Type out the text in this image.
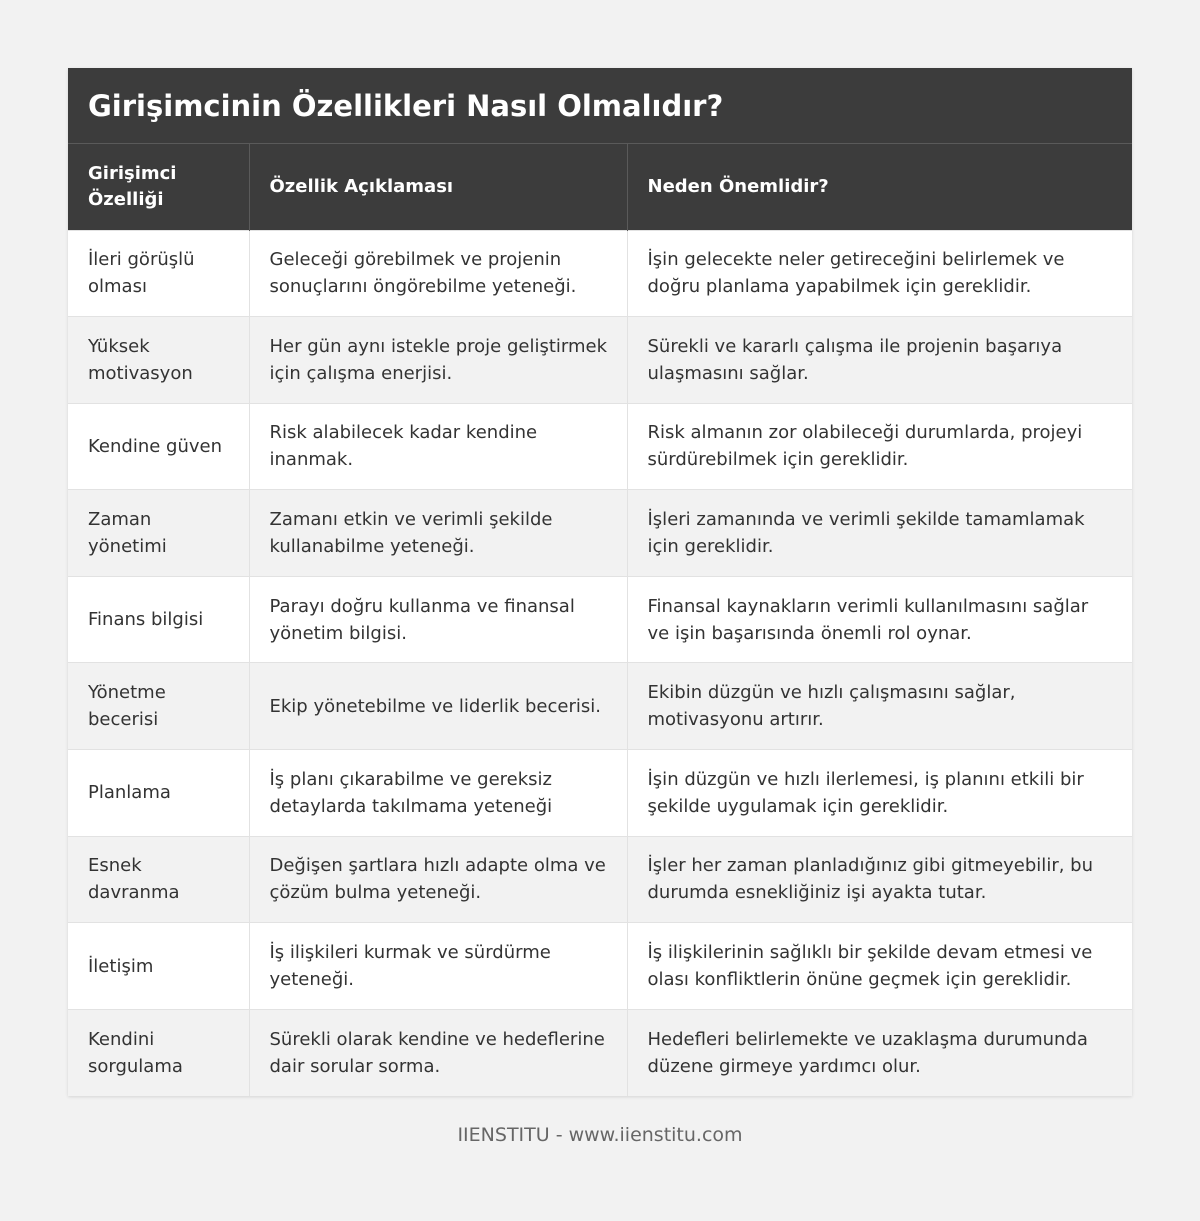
Girişimcinin Özellikleri Nasıl Olmalıdır?
Girişimci Özelliği	Özellik Açıklaması	Neden Önemlidir?
İleri görüşlü olması	Geleceği görebilmek ve projenin sonuçlarını öngörebilme yeteneği.	İşin gelecekte neler getireceğini belirlemek ve doğru planlama yapabilmek için gereklidir.
Yüksek motivasyon	Her gün aynı istekle proje geliştirmek için çalışma enerjisi.	Sürekli ve kararlı çalışma ile projenin başarıya ulaşmasını sağlar.
Kendine güven	Risk alabilecek kadar kendine inanmak.	Risk almanın zor olabileceği durumlarda, projeyi sürdürebilmek için gereklidir.
Zaman yönetimi	Zamanı etkin ve verimli şekilde kullanabilme yeteneği.	İşleri zamanında ve verimli şekilde tamamlamak için gereklidir.
Finans bilgisi	Parayı doğru kullanma ve finansal yönetim bilgisi.	Finansal kaynakların verimli kullanılmasını sağlar ve işin başarısında önemli rol oynar.
Yönetme becerisi	Ekip yönetebilme ve liderlik becerisi.	Ekibin düzgün ve hızlı çalışmasını sağlar, motivasyonu artırır.
Planlama	İş planı çıkarabilme ve gereksiz detaylarda takılmama yeteneği	İşin düzgün ve hızlı ilerlemesi, iş planını etkili bir şekilde uygulamak için gereklidir.
Esnek davranma	Değişen şartlara hızlı adapte olma ve çözüm bulma yeteneği.	İşler her zaman planladığınız gibi gitmeyebilir, bu durumda esnekliğiniz işi ayakta tutar.
İletişim	İş ilişkileri kurmak ve sürdürme yeteneği.	İş ilişkilerinin sağlıklı bir şekilde devam etmesi ve olası konfliktlerin önüne geçmek için gereklidir.
Kendini sorgulama	Sürekli olarak kendine ve hedeflerine dair sorular sorma.	Hedefleri belirlemekte ve uzaklaşma durumunda düzene girmeye yardımcı olur.
IIENSTITU - www.iienstitu.com
